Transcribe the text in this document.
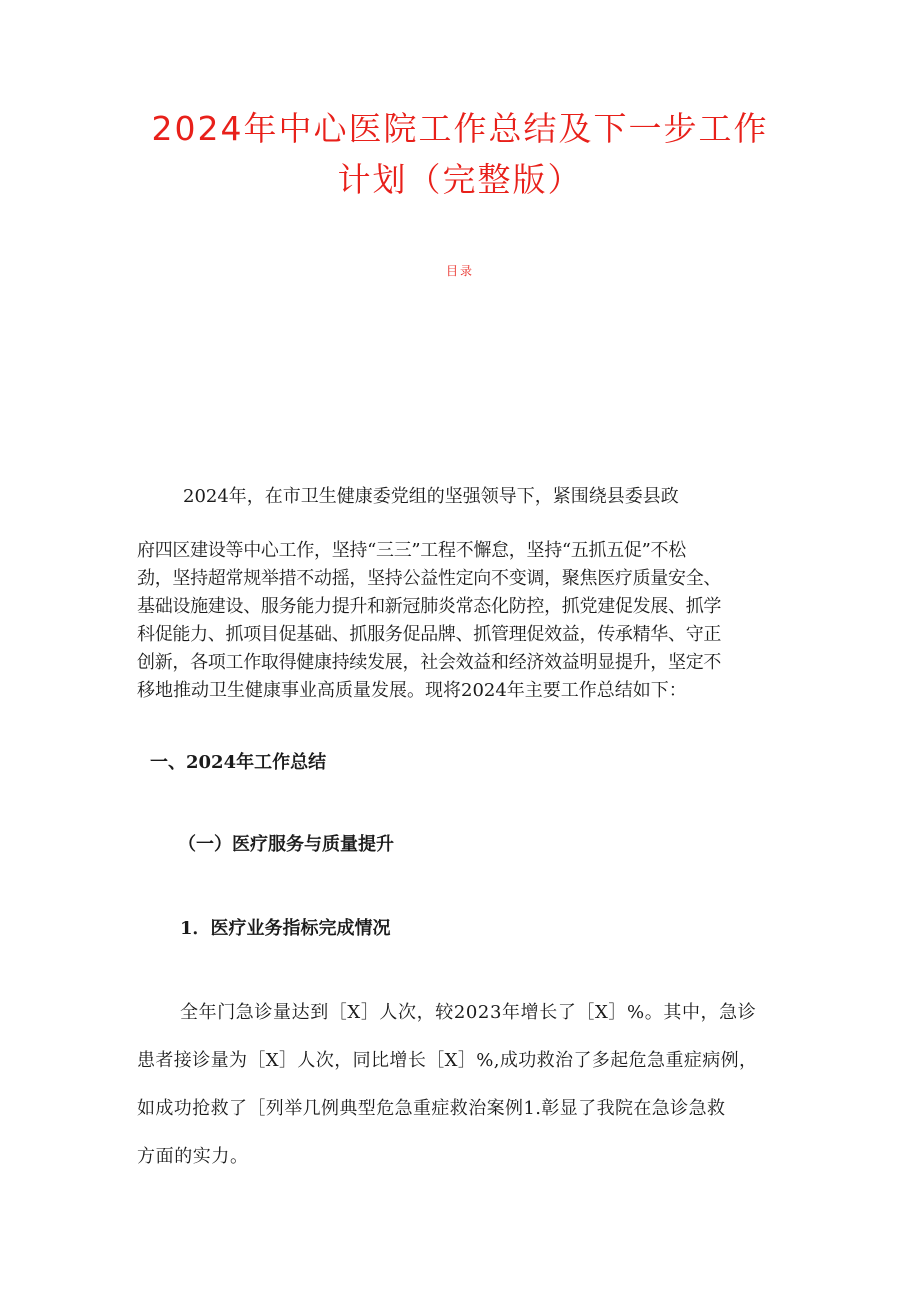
2024年中心医院工作总结及下一步工作
计划（完整版）
目录

2024年，在市卫生健康委党组的坚强领导下，紧围绕县委县政

府四区建设等中心工作，坚持“三三”工程不懈怠，坚持“五抓五促”不松

劲，坚持超常规举措不动摇，坚持公益性定向不变调，聚焦医疗质量安全、

基础设施建设、服务能力提升和新冠肺炎常态化防控，抓党建促发展、抓学

科促能力、抓项目促基础、抓服务促品牌、抓管理促效益，传承精华、守正

创新，各项工作取得健康持续发展，社会效益和经济效益明显提升，坚定不

移地推动卫生健康事业高质量发展。现将2024年主要工作总结如下：

一、2024年工作总结
（一）医疗服务与质量提升
1．医疗业务指标完成情况

全年门急诊量达到［X］人次，较2023年增长了［X］%。其中，急诊

患者接诊量为［X］人次，同比增长［X］%,成功救治了多起危急重症病例，

如成功抢救了［列举几例典型危急重症救治案例1.彰显了我院在急诊急救

方面的实力。
